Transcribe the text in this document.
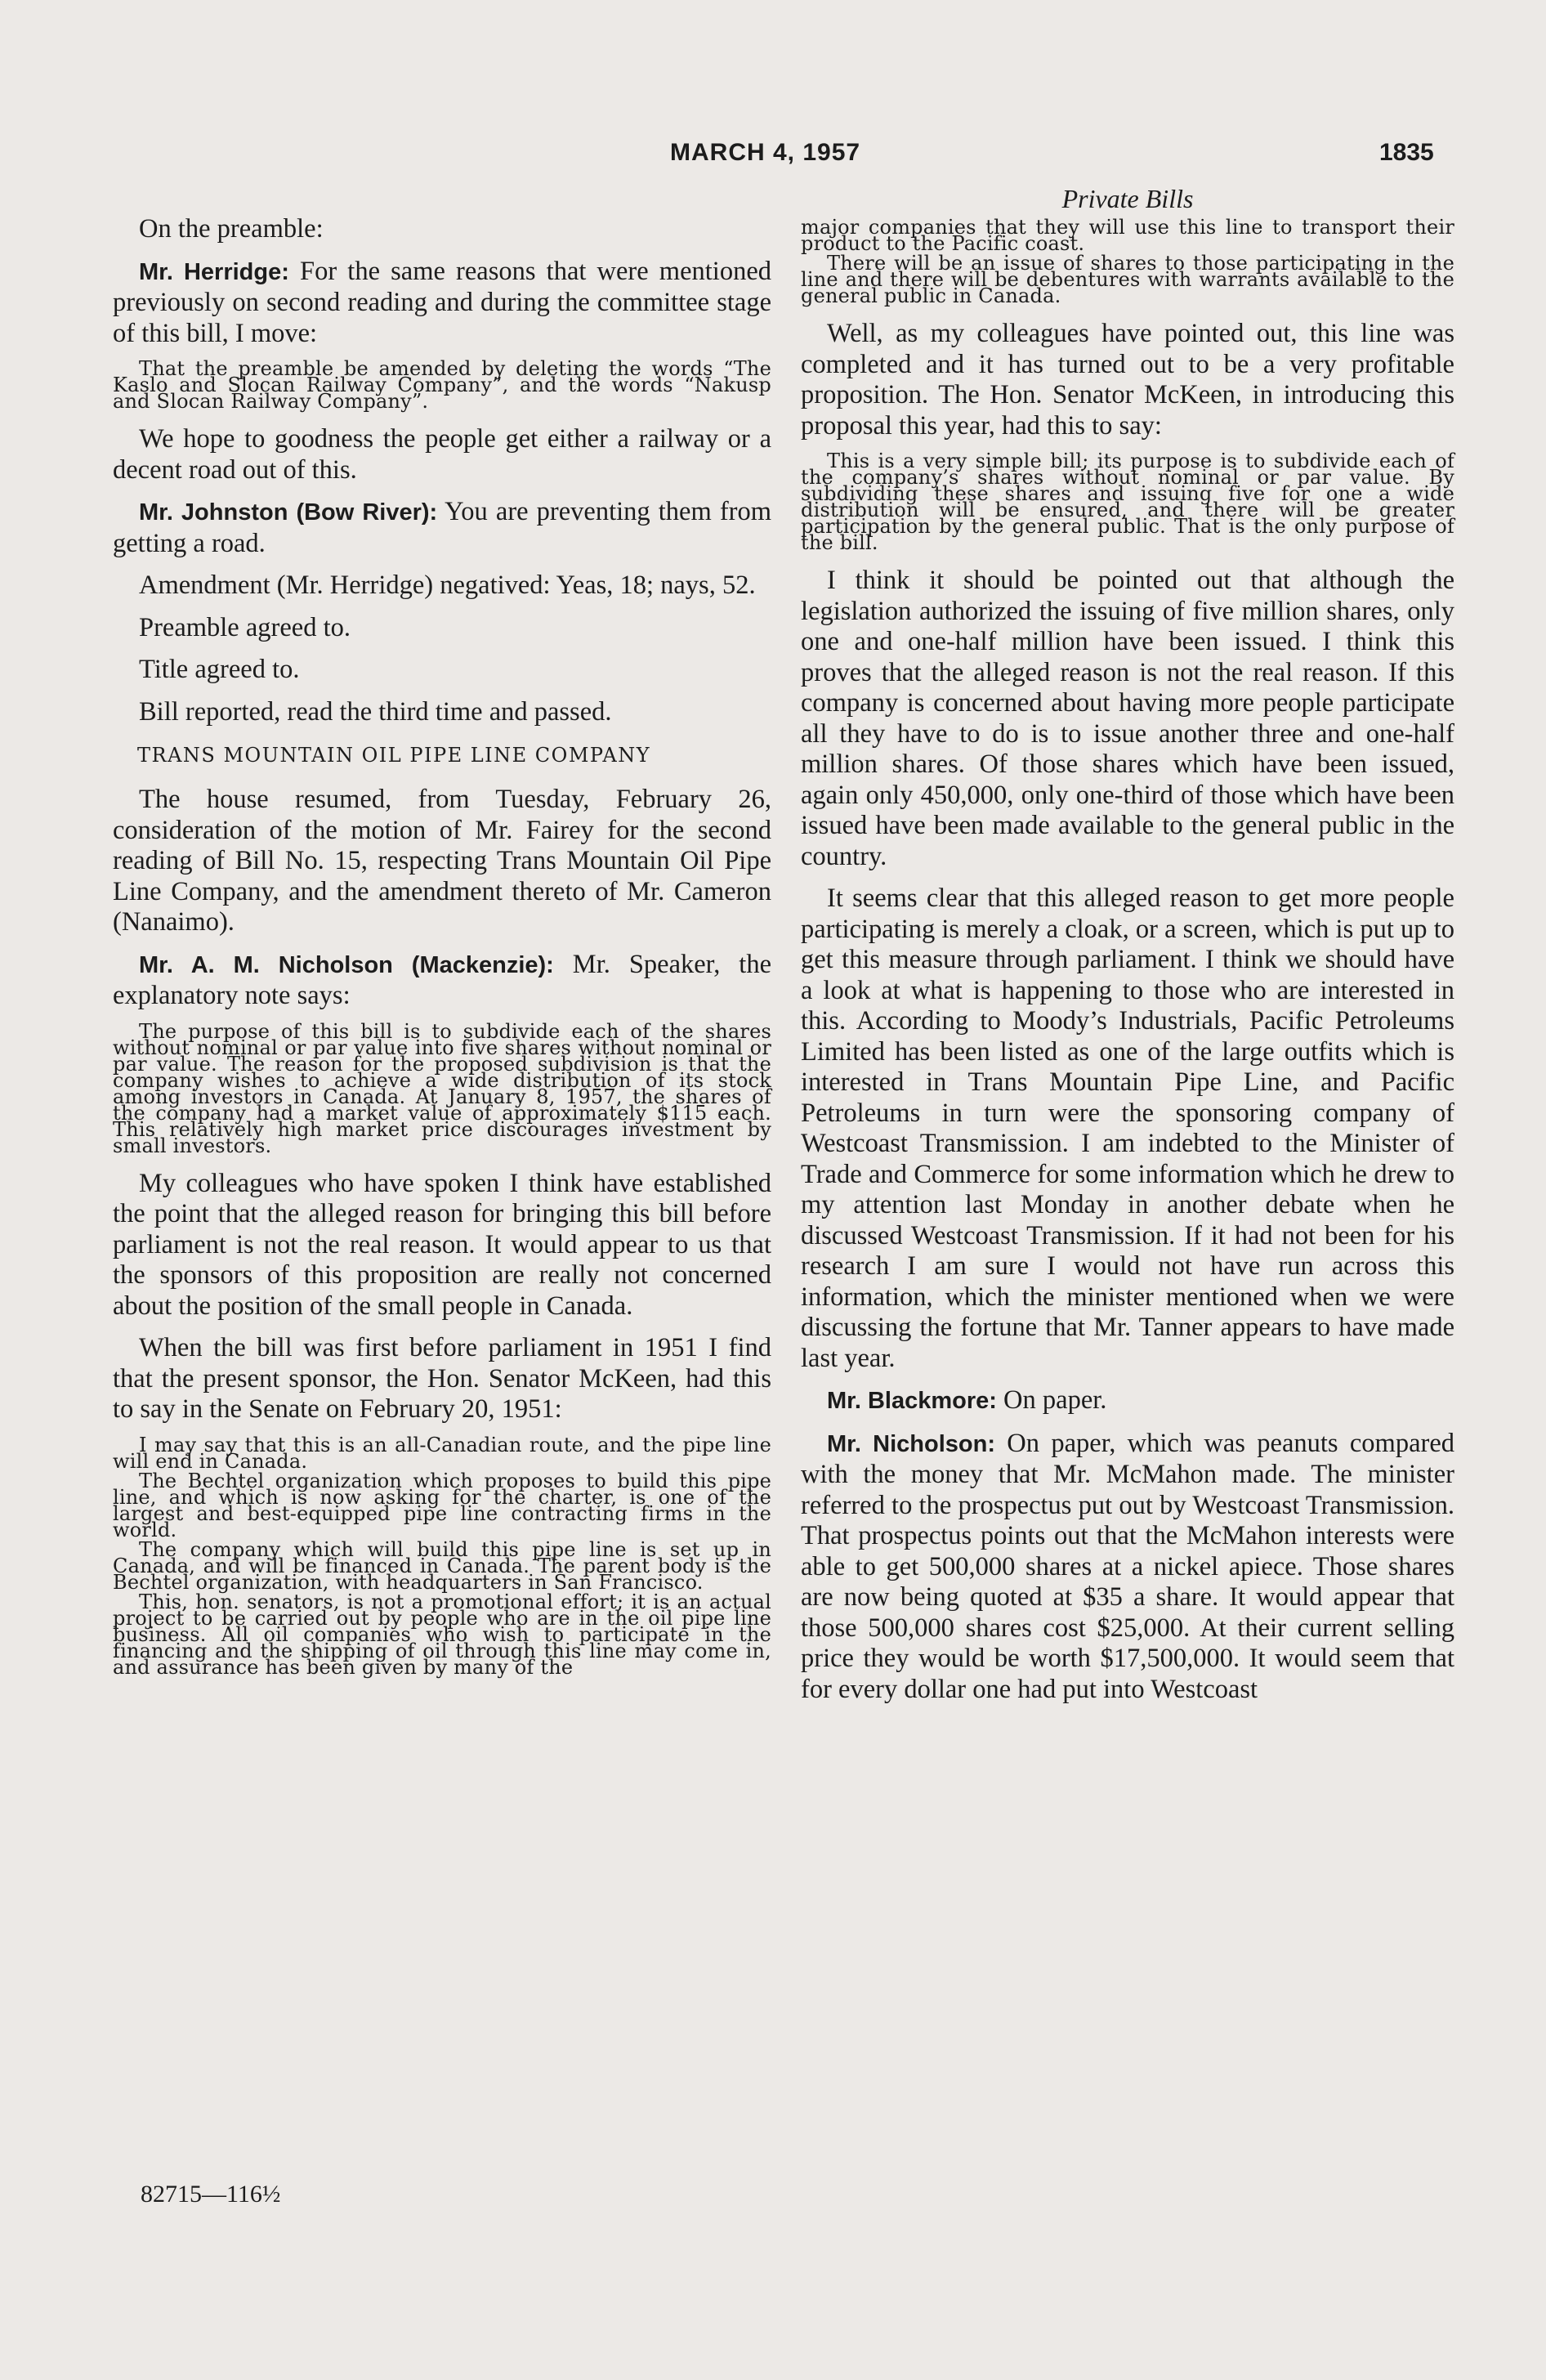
MARCH 4, 1957	1835

On the preamble:

Mr. Herridge: For the same reasons that were mentioned previously on second reading and during the committee stage of this bill, I move:

That the preamble be amended by deleting the words “The Kaslo and Slocan Railway Company”, and the words “Nakusp and Slocan Railway Company”.

We hope to goodness the people get either a railway or a decent road out of this.

Mr. Johnston (Bow River): You are preventing them from getting a road.

Amendment (Mr. Herridge) negatived: Yeas, 18; nays, 52.

Preamble agreed to.

Title agreed to.

Bill reported, read the third time and passed.

TRANS MOUNTAIN OIL PIPE LINE COMPANY

The house resumed, from Tuesday, February 26, consideration of the motion of Mr. Fairey for the second reading of Bill No. 15, respecting Trans Mountain Oil Pipe Line Company, and the amendment thereto of Mr. Cameron (Nanaimo).

Mr. A. M. Nicholson (Mackenzie): Mr. Speaker, the explanatory note says:

The purpose of this bill is to subdivide each of the shares without nominal or par value into five shares without nominal or par value. The reason for the proposed subdivision is that the company wishes to achieve a wide distribution of its stock among investors in Canada. At January 8, 1957, the shares of the company had a market value of approximately $115 each. This relatively high market price discourages investment by small investors.

My colleagues who have spoken I think have established the point that the alleged reason for bringing this bill before parliament is not the real reason. It would appear to us that the sponsors of this proposition are really not concerned about the position of the small people in Canada.

When the bill was first before parliament in 1951 I find that the present sponsor, the Hon. Senator McKeen, had this to say in the Senate on February 20, 1951:

I may say that this is an all-Canadian route, and the pipe line will end in Canada.

The Bechtel organization which proposes to build this pipe line, and which is now asking for the charter, is one of the largest and best-equipped pipe line contracting firms in the world.

The company which will build this pipe line is set up in Canada, and will be financed in Canada. The parent body is the Bechtel organization, with headquarters in San Francisco.

This, hon. senators, is not a promotional effort; it is an actual project to be carried out by people who are in the oil pipe line business. All oil companies who wish to participate in the financing and the shipping of oil through this line may come in, and assurance has been given by many of the

82715—116½

Private Bills

major companies that they will use this line to transport their product to the Pacific coast.

There will be an issue of shares to those participating in the line and there will be debentures with warrants available to the general public in Canada.

Well, as my colleagues have pointed out, this line was completed and it has turned out to be a very profitable proposition. The Hon. Senator McKeen, in introducing this proposal this year, had this to say:

This is a very simple bill; its purpose is to subdivide each of the company’s shares without nominal or par value. By subdividing these shares and issuing five for one a wide distribution will be ensured, and there will be greater participation by the general public. That is the only purpose of the bill.

I think it should be pointed out that although the legislation authorized the issuing of five million shares, only one and one-half million have been issued. I think this proves that the alleged reason is not the real reason. If this company is concerned about having more people participate all they have to do is to issue another three and one-half million shares. Of those shares which have been issued, again only 450,000, only one-third of those which have been issued have been made available to the general public in the country.

It seems clear that this alleged reason to get more people participating is merely a cloak, or a screen, which is put up to get this measure through parliament. I think we should have a look at what is happening to those who are interested in this. According to Moody’s Industrials, Pacific Petroleums Limited has been listed as one of the large outfits which is interested in Trans Mountain Pipe Line, and Pacific Petroleums in turn were the sponsoring company of Westcoast Transmission. I am indebted to the Minister of Trade and Commerce for some information which he drew to my attention last Monday in another debate when he discussed Westcoast Transmission. If it had not been for his research I am sure I would not have run across this information, which the minister mentioned when we were discussing the fortune that Mr. Tanner appears to have made last year.

Mr. Blackmore: On paper.

Mr. Nicholson: On paper, which was peanuts compared with the money that Mr. McMahon made. The minister referred to the prospectus put out by Westcoast Transmission. That prospectus points out that the McMahon interests were able to get 500,000 shares at a nickel apiece. Those shares are now being quoted at $35 a share. It would appear that those 500,000 shares cost $25,000. At their current selling price they would be worth $17,500,000. It would seem that for every dollar one had put into Westcoast
